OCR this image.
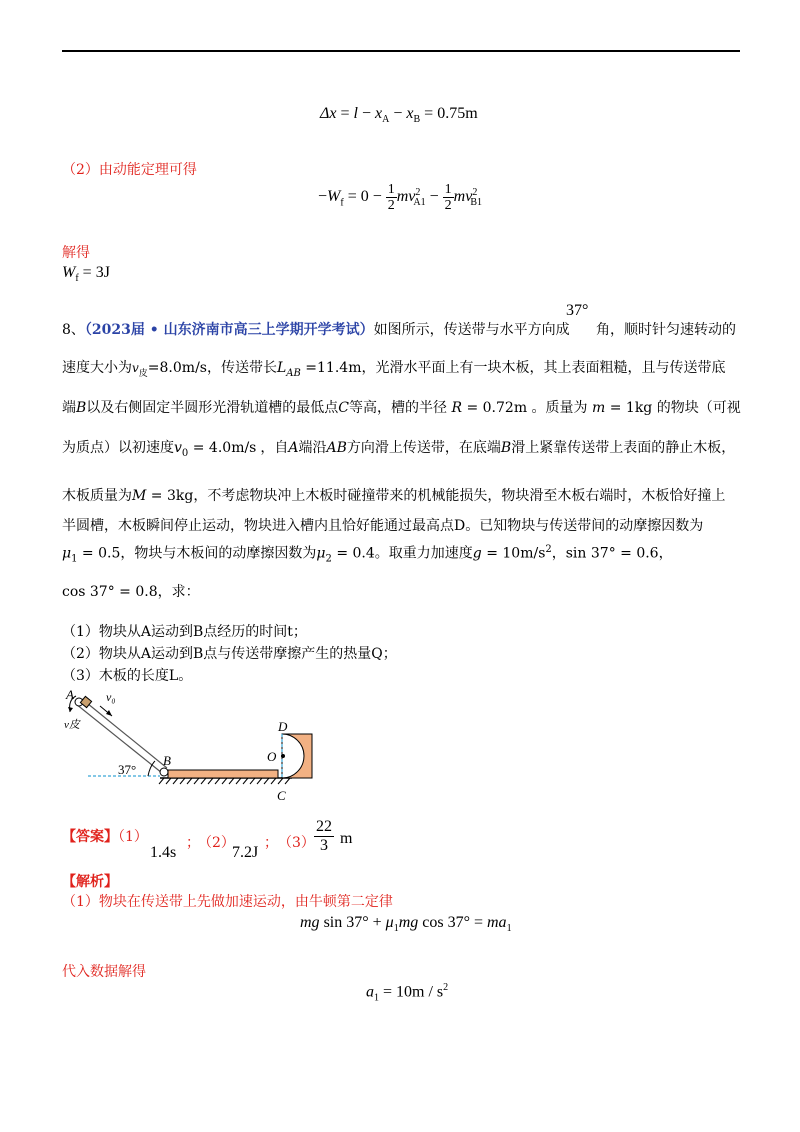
$\Delta x = l - x_A - x_B = 0.75m$
（2）由动能定理可得
$-W_f = 0 - \frac{1}{2} mv^2_{A1} - \frac{1}{2} mv^2_{B1}$
解得
$W_f = 3J$
8、（2023届 • 山东济南市高三上学期开学考试）如图所示，传送带与水平方向成
37°
角，顺时针匀速转动的
速度大小为$v_皮=8.0m/s$，传送带长$L_{AB} =11.4m$，光滑水平面上有一块木板，其上表面粗糙，且与传送带底
端B以及右侧固定半圆形光滑轨道槽的最低点C等高，槽的半径 R = 0.72m 。质量为 m = 1kg 的物块（可视
为质点）以初速度$v_0 = 4.0m/s$ ，自A端沿AB方向滑上传送带，在底端B滑上紧靠传送带上表面的静止木板，
木板质量为M = 3kg，不考虑物块冲上木板时碰撞带来的机械能损失，物块滑至木板右端时，木板恰好撞上
半圆槽，木板瞬间停止运动，物块进入槽内且恰好能通过最高点D。已知物块与传送带间的动摩擦因数为
$\mu_1 = 0.5$，物块与木板间的动摩擦因数为$\mu_2 = 0.4$。取重力加速度$g = 10m/s^2$，sin 37° = 0.6，
cos 37° = 0.8，求：
（1）物块从A运动到B点经历的时间t；
（2）物块从A运动到B点与传送带摩擦产生的热量Q；
（3）木板的长度L。
A	v₀
v皮
37°
B	O
D
C
【答案】（1）
1.4s
；
（2）
7.2J
； $(3) \frac{22}{3}$ m
【解析】
（1）物块在传送带上先做加速运动，由牛顿第二定律
mg $\sin 37^\circ + \mu_1mg$ $\cos 37^\circ = ma_1$
代入数据解得
$a_1 = 10m / s^2$
